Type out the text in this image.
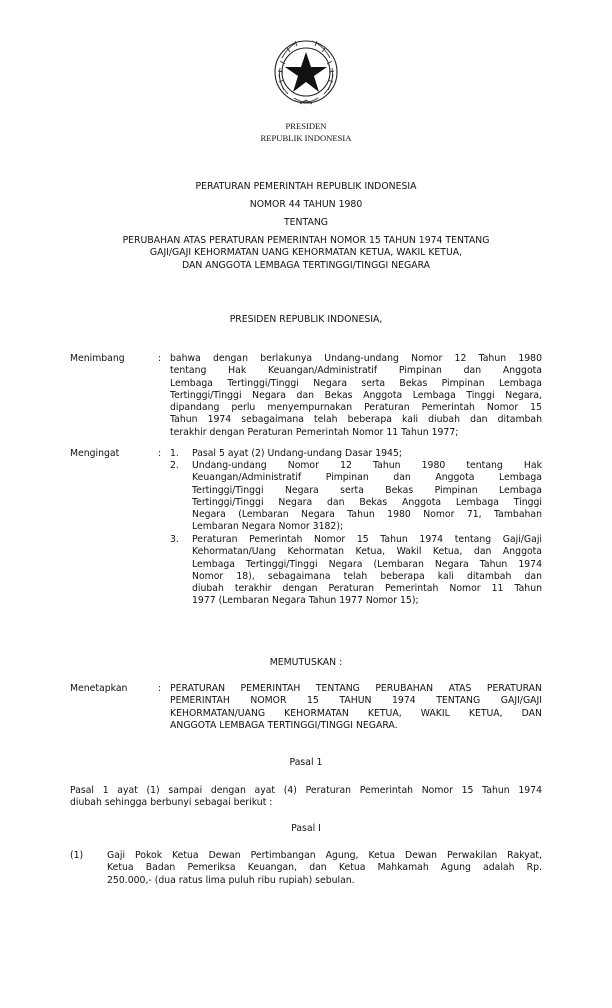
PRESIDEN
REPUBLIK INDONESIA
PERATURAN PEMERINTAH REPUBLIK INDONESIA
NOMOR 44 TAHUN 1980
TENTANG
PERUBAHAN ATAS PERATURAN PEMERINTAH NOMOR 15 TAHUN 1974 TENTANG
GAJI/GAJI KEHORMATAN UANG KEHORMATAN KETUA, WAKIL KETUA,
DAN ANGGOTA LEMBAGA TERTINGGI/TINGGI NEGARA
PRESIDEN REPUBLIK INDONESIA,
Menimbang	: bahwa dengan berlakunya Undang-undang Nomor 12 Tahun 1980
tentang Hak Keuangan/Administratif Pimpinan dan Anggota
Lembaga Tertinggi/Tinggi Negara serta Bekas Pimpinan Lembaga
Tertinggi/Tinggi Negara dan Bekas Anggota Lembaga Tinggi Negara,
dipandang perlu menyempurnakan Peraturan Pemerintah Nomor 15
Tahun 1974 sebagaimana telah beberapa kali diubah dan ditambah
terakhir dengan Peraturan Pemerintah Nomor 11 Tahun 1977;
Mengingat	: 1. Pasal 5 ayat (2) Undang-undang Dasar 1945;
2. Undang-undang Nomor 12 Tahun 1980 tentang Hak
Keuangan/Administratif Pimpinan dan Anggota Lembaga
Tertinggi/Tinggi Negara serta Bekas Pimpinan Lembaga
Tertinggi/Tinggi Negara dan Bekas Anggota Lembaga Tinggi
Negara (Lembaran Negara Tahun 1980 Nomor 71, Tambahan
Lembaran Negara Nomor 3182);
3. Peraturan Pemerintah Nomor 15 Tahun 1974 tentang Gaji/Gaji
Kehormatan/Uang Kehormatan Ketua, Wakil Ketua, dan Anggota
Lembaga Tertinggi/Tinggi Negara (Lembaran Negara Tahun 1974
Nomor 18), sebagaimana telah beberapa kali ditambah dan
diubah terakhir dengan Peraturan Pemerintah Nomor 11 Tahun
1977 (Lembaran Negara Tahun 1977 Nomor 15);
MEMUTUSKAN :
Menetapkan	: PERATURAN PEMERINTAH TENTANG PERUBAHAN ATAS PERATURAN
PEMERINTAH NOMOR 15 TAHUN 1974 TENTANG GAJI/GAJI
KEHORMATAN/UANG KEHORMATAN KETUA, WAKIL KETUA, DAN
ANGGOTA LEMBAGA TERTINGGI/TINGGI NEGARA.
Pasal 1
Pasal 1 ayat (1) sampai dengan ayat (4) Peraturan Pemerintah Nomor 15 Tahun 1974
diubah sehingga berbunyi sebagai berikut :
Pasal I
(1)	Gaji Pokok Ketua Dewan Pertimbangan Agung, Ketua Dewan Perwakilan Rakyat,
Ketua Badan Pemeriksa Keuangan, dan Ketua Mahkamah Agung adalah Rp.
250.000,- (dua ratus lima puluh ribu rupiah) sebulan.
